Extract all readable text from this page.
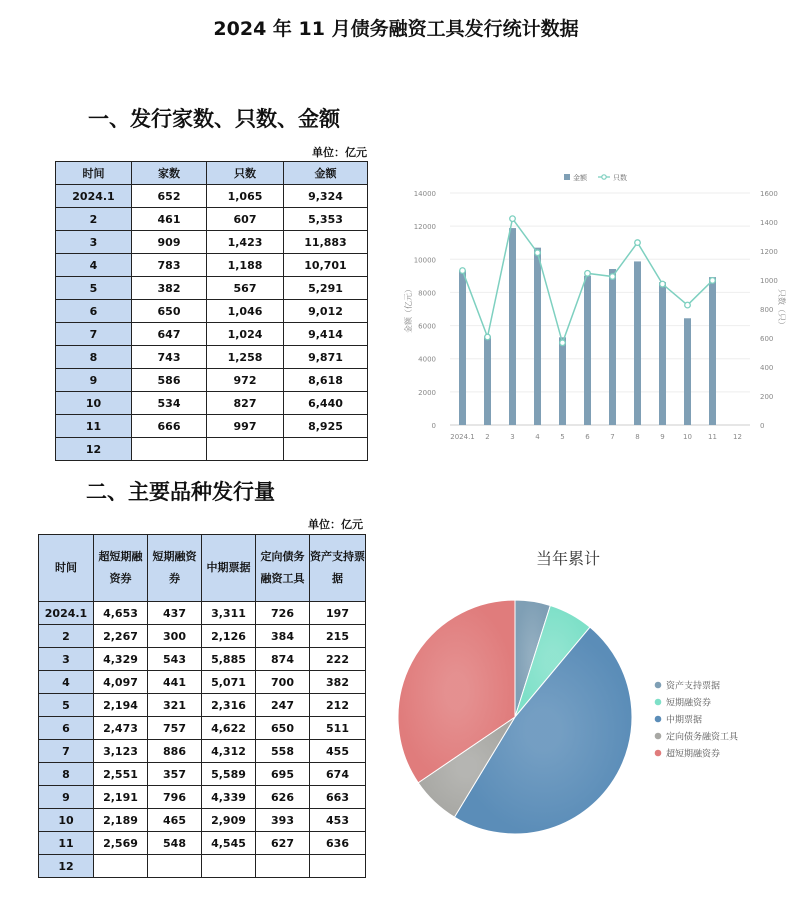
2024 年 11 月债务融资工具发行统计数据
一、发行家数、只数、金额
单位：亿元
时间	家数	只数	金额
2024.1	652	1,065	9,324
2	461	607	5,353
3	909	1,423	11,883
4	783	1,188	10,701
5	382	567	5,291
6	650	1,046	9,012
7	647	1,024	9,414
8	743	1,258	9,871
9	586	972	8,618
10	534	827	6,440
11	666	997	8,925
12			
二、主要品种发行量
单位：亿元
时间	超短期融资券	短期融资券	中期票据	定向债务融资工具	资产支持票据
2024.1	4,653	437	3,311	726	197
2	2,267	300	2,126	384	215
3	4,329	543	5,885	874	222
4	4,097	441	5,071	700	382
5	2,194	321	2,316	247	212
6	2,473	757	4,622	650	511
7	3,123	886	4,312	558	455
8	2,551	357	5,589	695	674
9	2,191	796	4,339	626	663
10	2,189	465	2,909	393	453
11	2,569	548	4,545	627	636
12					
0
2000
4000
6000
8000
10000
12000
14000
0
200
400
600
800
1000
1200
1400
1600
2024.1 2	3	4	5	6	7	8	9	10 11 12
金额（亿元）	只数（只）
金额	只数
当年累计
资产支持票据
短期融资券
中期票据
定向债务融资工具
超短期融资券
